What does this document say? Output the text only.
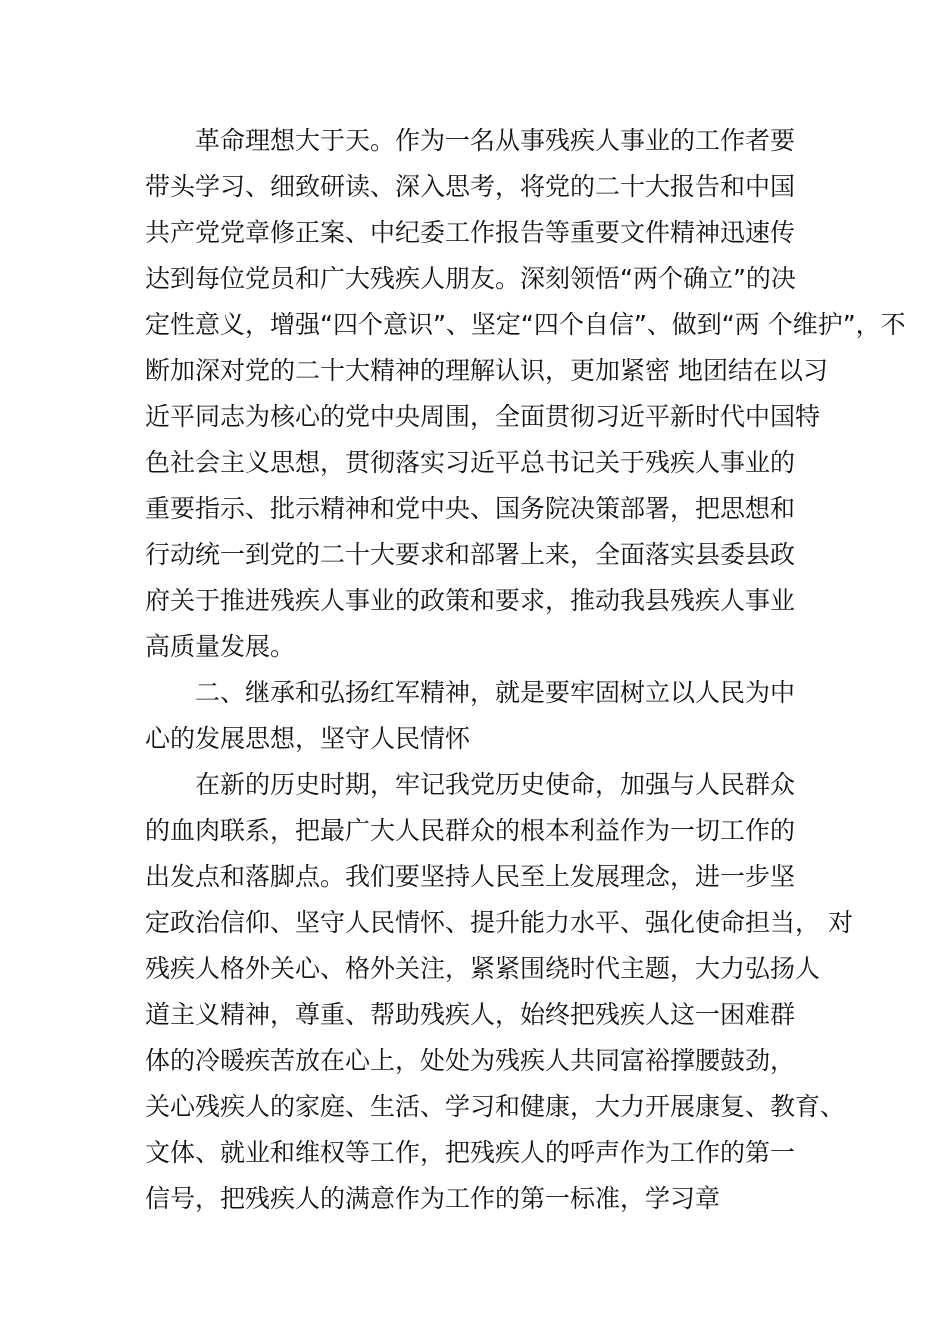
革命理想大于天。作为一名从事残疾人事业的工作者要
带头学习、细致研读、深入思考，将党的二十大报告和中国
共产党党章修正案、中纪委工作报告等重要文件精神迅速传
达到每位党员和广大残疾人朋友。深刻领悟“两个确立”的决
定性意义，增强“四个意识”、坚定“四个自信”、做到“两 个维护”，不
断加深对党的二十大精神的理解认识，更加紧密 地团结在以习
近平同志为核心的党中央周围，全面贯彻习近平新时代中国特
色社会主义思想，贯彻落实习近平总书记关于残疾人事业的
重要指示、批示精神和党中央、国务院决策部署，把思想和
行动统一到党的二十大要求和部署上来，全面落实县委县政
府关于推进残疾人事业的政策和要求，推动我县残疾人事业
高质量发展。
二、继承和弘扬红军精神，就是要牢固树立以人民为中
心的发展思想，坚守人民情怀
在新的历史时期，牢记我党历史使命，加强与人民群众
的血肉联系，把最广大人民群众的根本利益作为一切工作的
出发点和落脚点。我们要坚持人民至上发展理念，进一步坚
定政治信仰、坚守人民情怀、提升能力水平、强化使命担当， 对
残疾人格外关心、格外关注，紧紧围绕时代主题，大力弘扬人
道主义精神，尊重、帮助残疾人，始终把残疾人这一困难群
体的冷暖疾苦放在心上，处处为残疾人共同富裕撑腰鼓劲，
关心残疾人的家庭、生活、学习和健康，大力开展康复、教育、
文体、就业和维权等工作，把残疾人的呼声作为工作的第一
信号，把残疾人的满意作为工作的第一标准，学习章
